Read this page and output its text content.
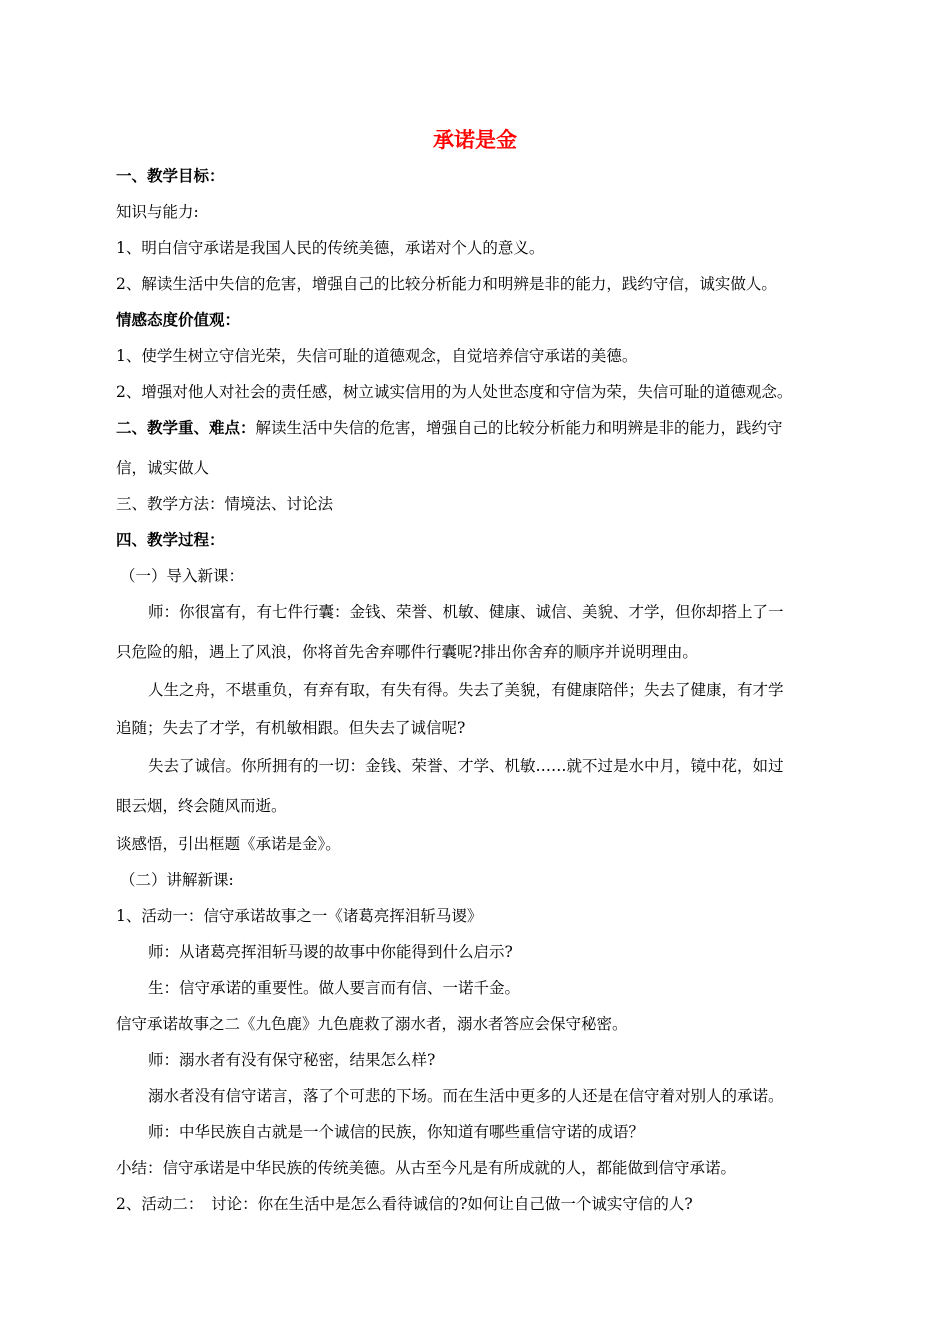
承诺是金
一、教学目标：
知识与能力:
1、明白信守承诺是我国人民的传统美德，承诺对个人的意义。
2、解读生活中失信的危害，增强自己的比较分析能力和明辨是非的能力，践约守信，诚实做人。
情感态度价值观：
1、使学生树立守信光荣，失信可耻的道德观念，自觉培养信守承诺的美德。
2、增强对他人对社会的责任感，树立诚实信用的为人处世态度和守信为荣，失信可耻的道德观念。
二、教学重、难点：解读生活中失信的危害，增强自己的比较分析能力和明辨是非的能力，践约守
信，诚实做人
三、教学方法：情境法、讨论法
四、教学过程：
（一）导入新课：
师：你很富有，有七件行囊：金钱、荣誉、机敏、健康、诚信、美貌、才学，但你却搭上了一
只危险的船，遇上了风浪，你将首先舍弃哪件行囊呢?排出你舍弃的顺序并说明理由。
人生之舟，不堪重负，有弃有取，有失有得。失去了美貌，有健康陪伴；失去了健康，有才学
追随；失去了才学，有机敏相跟。但失去了诚信呢?
失去了诚信。你所拥有的一切：金钱、荣誉、才学、机敏……就不过是水中月，镜中花，如过
眼云烟，终会随风而逝。
谈感悟，引出框题《承诺是金》。
（二）讲解新课:
1、活动一：信守承诺故事之一《诸葛亮挥泪斩马谡》
师：从诸葛亮挥泪斩马谡的故事中你能得到什么启示?
生：信守承诺的重要性。做人要言而有信、一诺千金。
信守承诺故事之二《九色鹿》九色鹿救了溺水者，溺水者答应会保守秘密。
师：溺水者有没有保守秘密，结果怎么样?
溺水者没有信守诺言，落了个可悲的下场。而在生活中更多的人还是在信守着对别人的承诺。
师：中华民族自古就是一个诚信的民族，你知道有哪些重信守诺的成语？
小结：信守承诺是中华民族的传统美德。从古至今凡是有所成就的人，都能做到信守承诺。
2、活动二：　讨论：你在生活中是怎么看待诚信的?如何让自己做一个诚实守信的人?
